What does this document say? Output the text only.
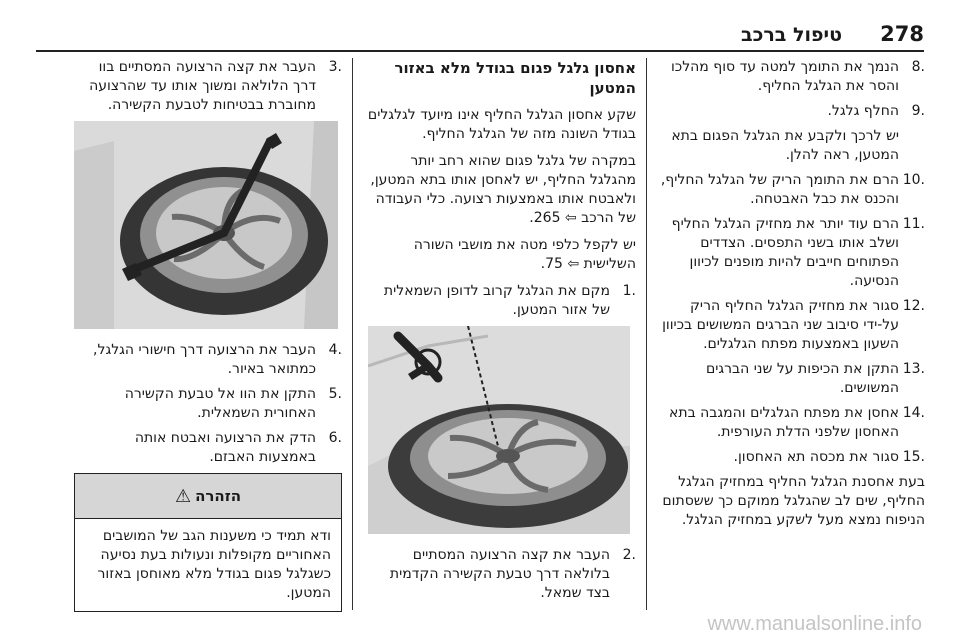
278
טיפול ברכב
.8
הנמך את התומך למטה עד סוף מהלכו והסר את הגלגל החליף.
.9
החלף גלגל.
יש לרכך ולקבע את הגלגל הפגום בתא המטען, ראה להלן.
.10
הרם את התומך הריק של הגלגל החליף, והכנס את כבל האבטחה.
.11
הרם עוד יותר את מחזיק הגלגל החליף ושלב אותו בשני התפסים. הצדדים הפתוחים חייבים להיות מופנים לכיוון הנסיעה.
.12
סגור את מחזיק הגלגל החליף הריק על-ידי סיבוב שני הברגים המשושים בכיוון השעון באמצעות מפתח הגלגלים.
.13
התקן את הכיפות על שני הברגים המשושים.
.14
אחסן את מפתח הגלגלים והמגבה בתא האחסון שלפני הדלת העורפית.
.15
סגור את מכסה תא האחסון.

בעת אחסנת הגלגל החליף במחזיק הגלגל החליף, שים לב שהגלגל ממוקם כך ששסתום הניפוח נמצא מעל לשקע במחזיק הגלגל.

אחסון גלגל פגום בגודל מלא באזור המטען

שקע אחסון הגלגל החליף אינו מיועד לגלגלים בגודל השונה מזה של הגלגל החליף.

במקרה של גלגל פגום שהוא רחב יותר מהגלגל החליף, יש לאחסן אותו בתא המטען, ולאבטח אותו באמצעות רצועה. כלי העבודה של הרכב ⇦ 265.

יש לקפל כלפי מטה את מושבי השורה השלישית ⇦ 75.

.1
מקם את הגלגל קרוב לדופן השמאלית של אזור המטען.
.2
העבר את קצה הרצועה המסתיים בלולאה דרך טבעת הקשירה הקדמית בצד שמאל.
.3
העבר את קצה הרצועה המסתיים בוו דרך הלולאה ומשוך אותו עד שהרצועה מחוברת בבטיחות לטבעת הקשירה.
.4
העבר את הרצועה דרך חישורי הגלגל, כמתואר באיור.
.5
התקן את הוו אל טבעת הקשירה האחורית השמאלית.
.6
הדק את הרצועה ואבטח אותה באמצעות האבזם.
הזהרה
⚠
ודא תמיד כי משענות הגב של המושבים האחוריים מקופלות ונעולות בעת נסיעה כשגלגל פגום בגודל מלא מאוחסן באזור המטען.
www.manualsonline.info
